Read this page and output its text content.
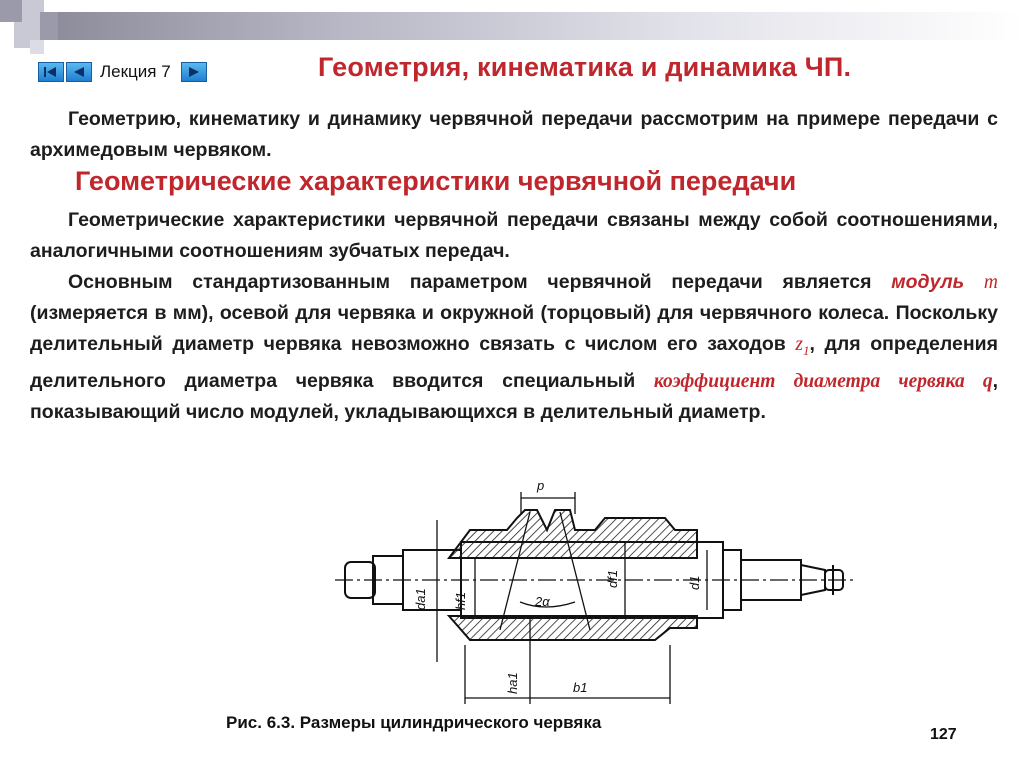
Лекция 7	Геометрия, кинематика и динамика ЧП.
Геометрию, кинематику и динамику червячной передачи рассмотрим на примере передачи с архимедовым червяком.
Геометрические характеристики червячной передачи
Геометрические характеристики червячной передачи связаны между собой соотношениями, аналогичными соотношениям зубчатых передач.
Основным стандартизованным параметром червячной передачи является модуль m (измеряется в мм), осевой для червяка и окружной (торцовый) для червячного колеса. Поскольку делительный диаметр червяка невозможно связать с числом его заходов $z_1$, для определения делительного диаметра червяка вводится специальный коэффициент диаметра червяка q, показывающий число модулей, укладывающихся в делительный диаметр.
p
2α
da1 hf1
df1	d1
ha1	b1
Рис. 6.3. Размеры цилиндрического червяка
127
